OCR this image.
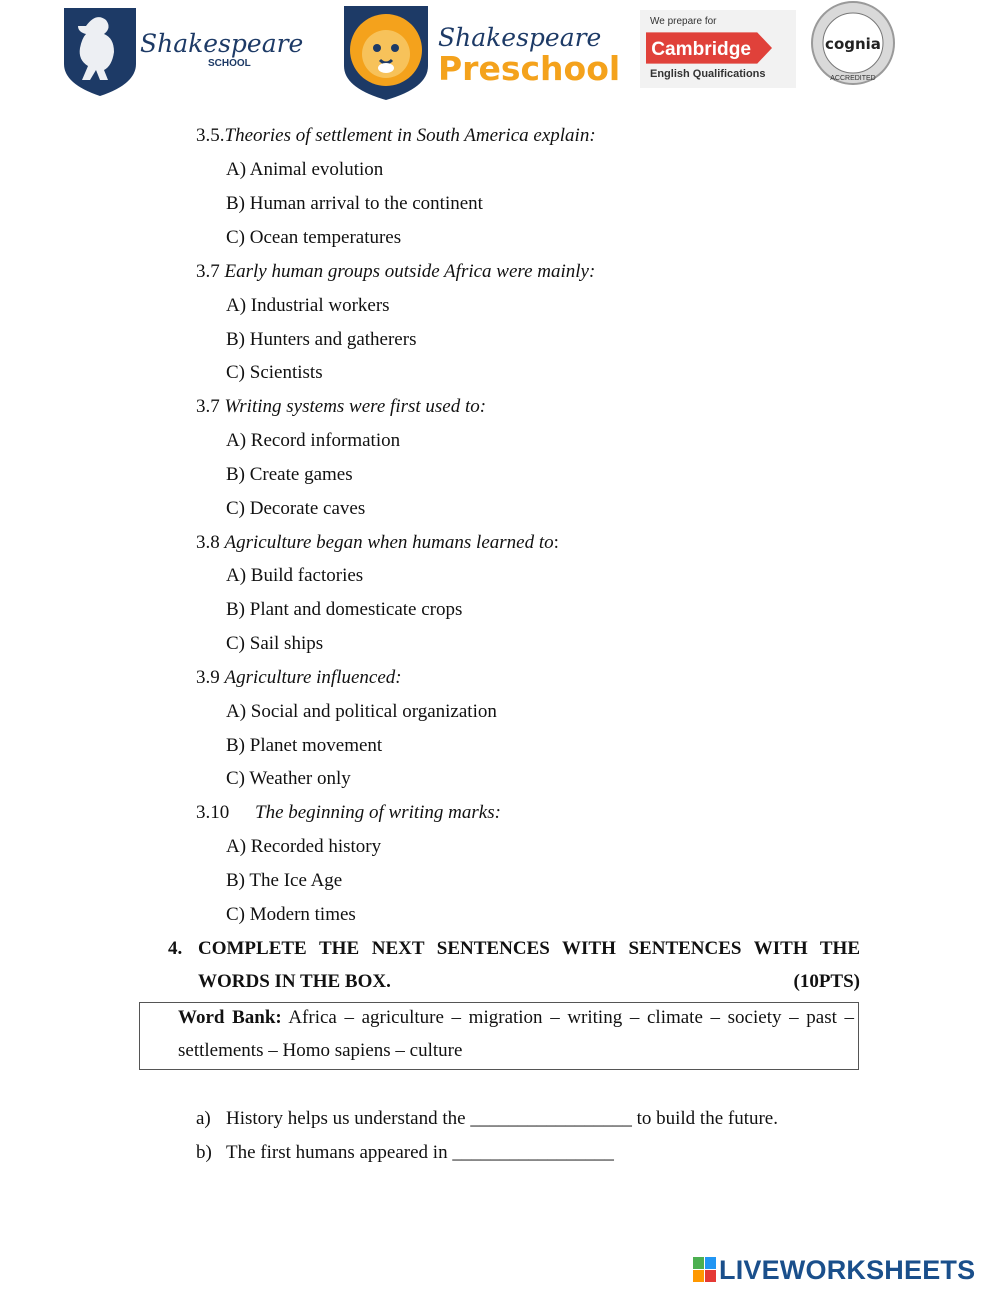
Shakespeare
SCHOOL
Shakespeare
Preschool
We prepare for
Cambridge
English Qualifications
cognia
ACCREDITED
3.5.Theories of settlement in South America explain:
A) Animal evolution
B) Human arrival to the continent
C) Ocean temperatures
3.7 Early human groups outside Africa were mainly:
A) Industrial workers
B) Hunters and gatherers
C) Scientists
3.7 Writing systems were first used to:
A) Record information
B) Create games
C) Decorate caves
3.8 Agriculture began when humans learned to:
A) Build factories
B) Plant and domesticate crops
C) Sail ships
3.9 Agriculture influenced:
A) Social and political organization
B) Planet movement
C) Weather only
3.10 The beginning of writing marks:
A) Recorded history
B) The Ice Age
C) Modern times
4. COMPLETE THE NEXT SENTENCES WITH SENTENCES WITH THE
WORDS IN THE BOX.	(10PTS)
Word Bank: Africa – agriculture – migration – writing – climate – society – past –
settlements – Homo sapiens – culture
a) History helps us understand the _________________ to build the future.
b) The first humans appeared in _________________
LIVEWORKSHEETS
